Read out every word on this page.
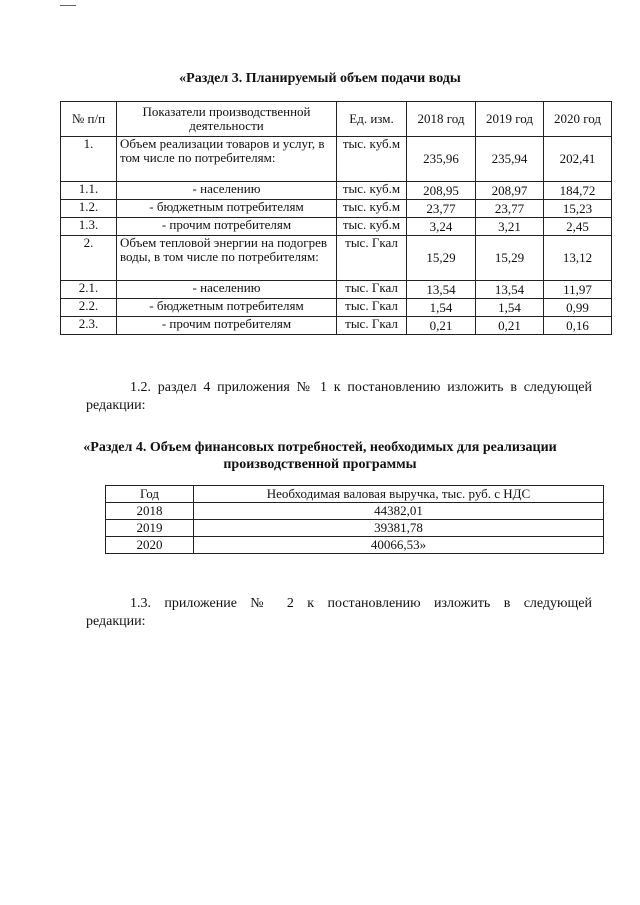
«Раздел 3. Планируемый объем подачи воды
№ п/п	Показатели производственной деятельности	Ед. изм.	2018 год	2019 год	2020 год
1.	Объем реализации товаров и услуг, в том числе по потребителям:	тыс. куб.м	235,96	235,94	202,41
1.1.	- населению	тыс. куб.м	208,95	208,97	184,72
1.2.	- бюджетным потребителям	тыс. куб.м	23,77	23,77	15,23
1.3.	- прочим потребителям	тыс. куб.м	3,24	3,21	2,45
2.	Объем тепловой энергии на подогрев воды, в том числе по потребителям:	тыс. Гкал	15,29	15,29	13,12
2.1.	- населению	тыс. Гкал	13,54	13,54	11,97
2.2.	- бюджетным потребителям	тыс. Гкал	1,54	1,54	0,99
2.3.	- прочим потребителям	тыс. Гкал	0,21	0,21	0,16

1.2. раздел 4 приложения № 1 к постановлению изложить в следующей редакции:

«Раздел 4. Объем финансовых потребностей, необходимых для реализации производственной программы
Год	Необходимая валовая выручка, тыс. руб. с НДС
2018	44382,01
2019	39381,78
2020	40066,53»

1.3. приложение № 2 к постановлению изложить в следующей
редакции:
